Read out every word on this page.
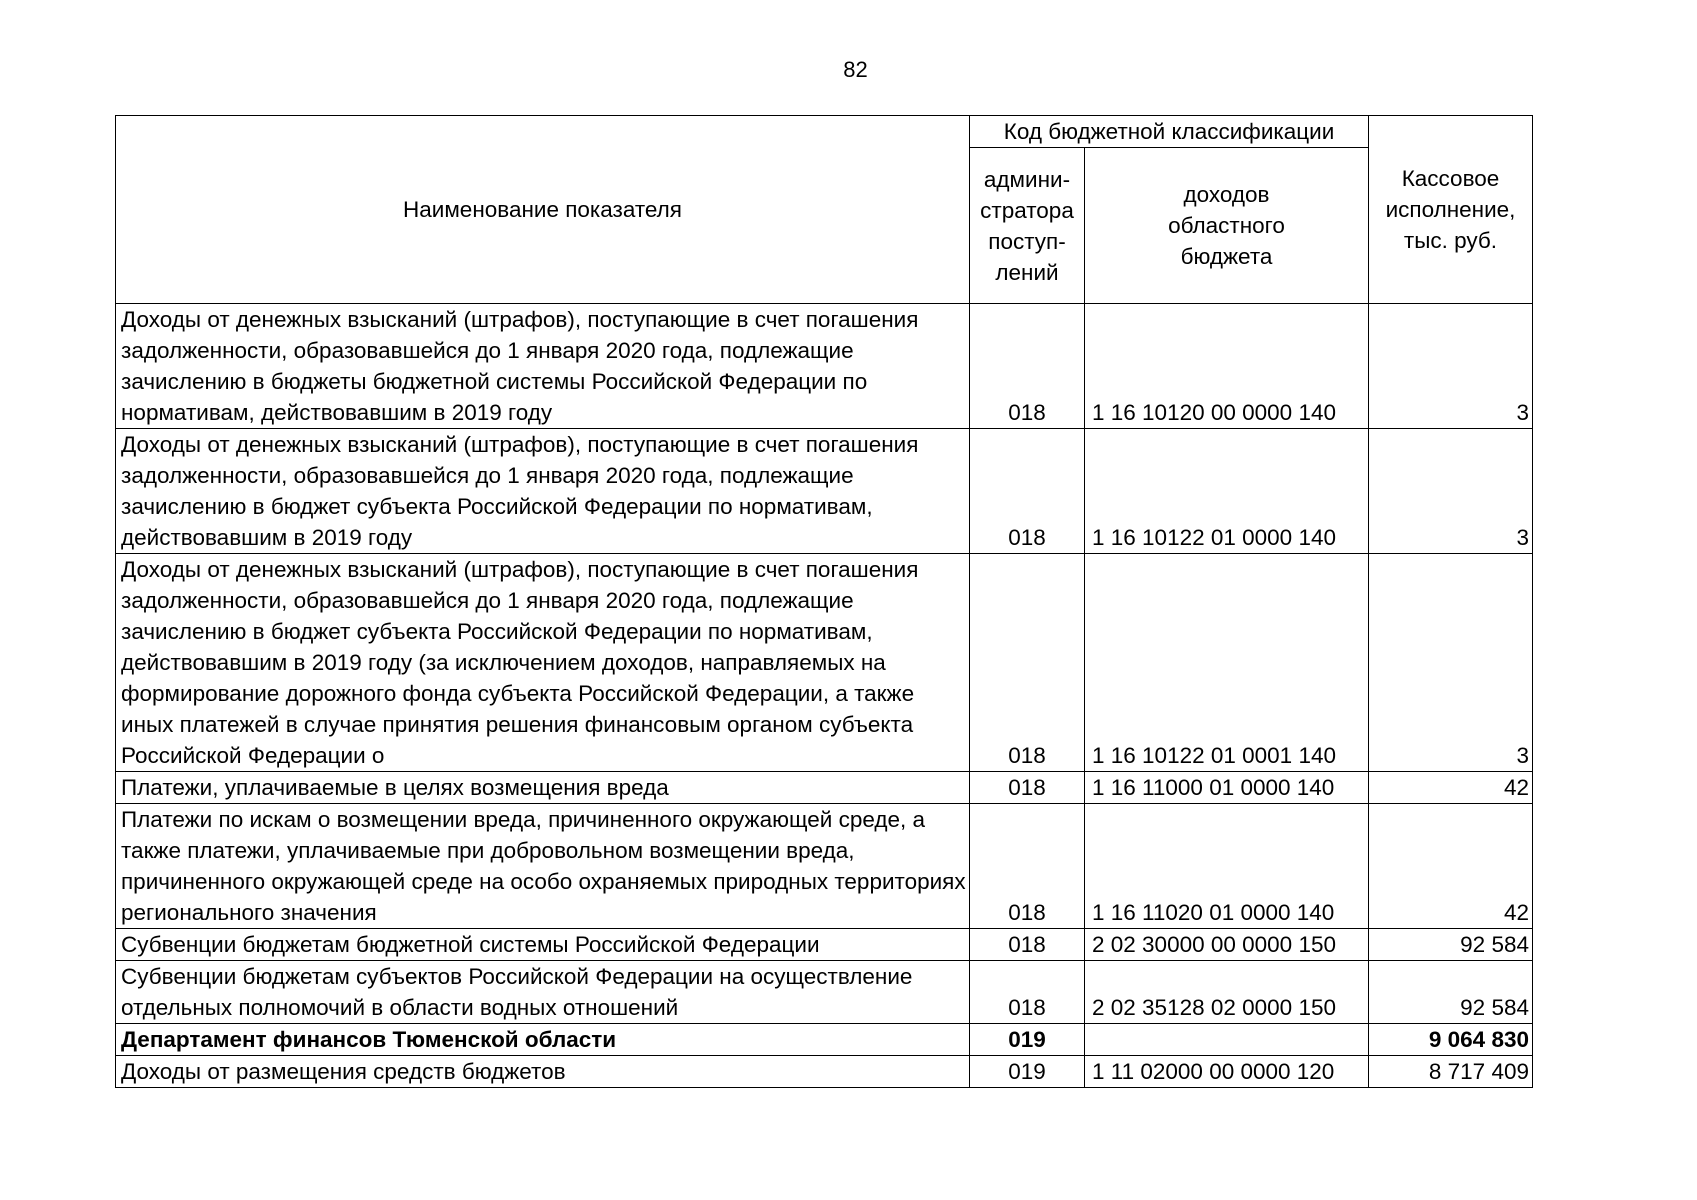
82
Наименование показателя	Код бюджетной классификации		Кассовое
исполнение,
тыс. руб.

	админи-
стратора
поступ-
лений	доходов
областного
бюджета	

Доходы от денежных взысканий (штрафов), поступающие в счет погашения задолженности, образовавшейся до 1 января 2020 года, подлежащие зачислению в бюджеты бюджетной системы Российской Федерации по нормативам, действовавшим в 2019 году	018	1 16 10120 00 0000 140	3
Доходы от денежных взысканий (штрафов), поступающие в счет погашения задолженности, образовавшейся до 1 января 2020 года, подлежащие зачислению в бюджет субъекта Российской Федерации по нормативам, действовавшим в 2019 году	018	1 16 10122 01 0000 140	3
Доходы от денежных взысканий (штрафов), поступающие в счет погашения задолженности, образовавшейся до 1 января 2020 года, подлежащие зачислению в бюджет субъекта Российской Федерации по нормативам, действовавшим в 2019 году (за исключением доходов, направляемых на формирование дорожного фонда субъекта Российской Федерации, а также иных платежей в случае принятия решения финансовым органом субъекта Российской Федерации о	018	1 16 10122 01 0001 140	3
Платежи, уплачиваемые в целях возмещения вреда	018	1 16 11000 01 0000 140	42
Платежи по искам о возмещении вреда, причиненного окружающей среде, а также платежи, уплачиваемые при добровольном возмещении вреда, причиненного окружающей среде на особо охраняемых природных территориях регионального значения	018	1 16 11020 01 0000 140	42
Субвенции бюджетам бюджетной системы Российской Федерации	018	2 02 30000 00 0000 150	92 584
Субвенции бюджетам субъектов Российской Федерации на осуществление отдельных полномочий в области водных отношений	018	2 02 35128 02 0000 150	92 584
Департамент финансов Тюменской области	019		9 064 830
Доходы от размещения средств бюджетов	019	1 11 02000 00 0000 120	8 717 409
